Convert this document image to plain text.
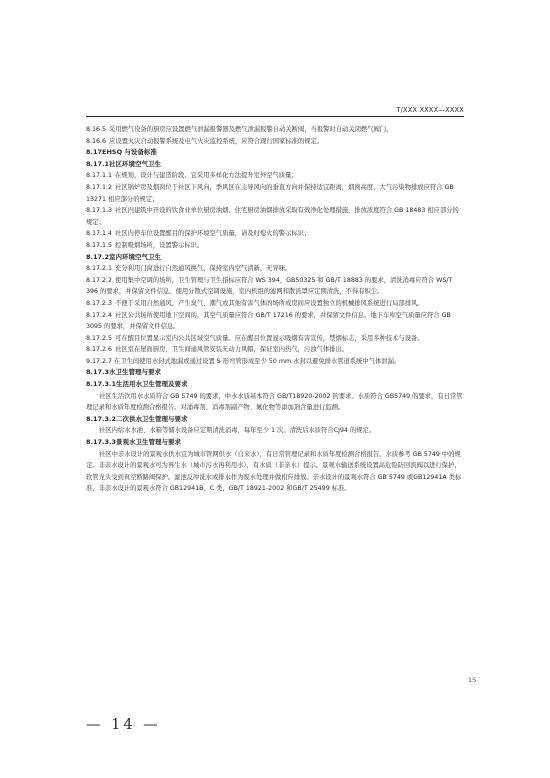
T/XXX XXXX—XXXX

8.16.5 采用燃气设备的厨房应设置燃气泄漏报警器及燃气泄漏报警自动关断阀，当报警时自动关闭燃气阀门。

8.16.6 应设置火灾自动报警系统及电气火灾监控系统，应符合现行国家标准的规定。

8.17EHSQ 与设备标准

8.17.1社区环境空气卫生

8.17.1.1 在规划，设计与建造阶段，宜采用多样化方法提升室外空气质量；

8.17.1.2 社区锅炉房及烟囱位于社区下风向，季风区在主导风向的垂直方向并保持适宜距离，烟囱高度，大气污染物排放应符合 GB 13271 相应部分的规定；

8.17.1.3 社区内建筑中开设的饮食业单位厨房油烟、住宅厨房油烟排放采取有效净化处理措施，排放浓度符合 GB 18483 相应部分的规定；

8.17.1.4 社区内停车位设置醒目的保护环境空气质量，请及时熄火的警示标识；

8.17.1.5 控制吸烟场所，设置警示标识。

8.17.2室内环境空气卫生

8.17.2.1 充分利用门窗进行自然通风换气，保持室内空气清新，无异味。

8.17.2.2 使用集中空调的场所，卫生管理与卫生指标应符合 WS 394，GB50325 和 GB/T 18883 的要求，清洗消毒应符合 WS/T 396 的要求，并保留文件信息。使用分散式空调设施，室内机组的滤网和散流罩应定期清洗，不得有积尘。

8.17.2.3 不便于采用自然通风，产生臭气，潮气或其他有害气体的场所或房间应设置独立的机械排风系统进行局部排风。

8.17.2.4 社区公共场所使用地下空间的，其空气质量应符合 GB/T 17216 的要求，并保留文件信息。地下车库空气质量应符合 GB 3095 的要求，并保留文件信息。

8.17.2.5 可在醒目位置显示室内公共区域空气质量。应在醒目位置显示吸烟有害宣传，禁烟标志，采用多种技术与设备。

8.17.2.6 社区室在屋面厨房，卫生间通风管安装无动力风帽，保证室内热气，污浊气体排出。

9.17.2.7 在卫生间使用水封式地漏或通过设置 S 形弯管形成至少 50 mm 水封以避免排水管道系统中气体泄漏。

8.17.3水卫生管理与要求

8.17.3.1生活用水卫生管理及要求

社区生活饮用水水质符合 GB 5749 的要求，中水水质基本符合 GB/T18920-2002 的要求。水质符合 GB5749 的要求，有日常管理记录和水质年度检测合格报告。对涌毒剂、消毒剂副产物、氟化物等添加剂含量进行监测。

8.17.3.2二次供水卫生管理与要求

社区内给水水池、水箱等储水设备应定期清洗消毒，每年至少 1 次。清洗后水质符合CJ94 的规定。

8.17.3.3景观水卫生管理与要求

社区中亲水设计的景观水供水宜为城市管网供水（自来水），有日常管理记录和水质年度检测合格报告。水质参考 GB 5749 中的规定。非亲水设计的景观水可为再生水（城市污水再利用水），有水质（非亲水）提示。景观水输送系统设置高危险防回流阀以进行保护，软管龙头受到真空断路阀保护。滤池反冲洗水或排水作为废水处理并做相应排放。亲水设计的景观水符合 GB 5749 或GB12941A 类标准，非亲水设计的景观水符合 GB12941B、C 类，GB/T 18921-2002 和GB/T 25499 标准。

15
— 14 —
